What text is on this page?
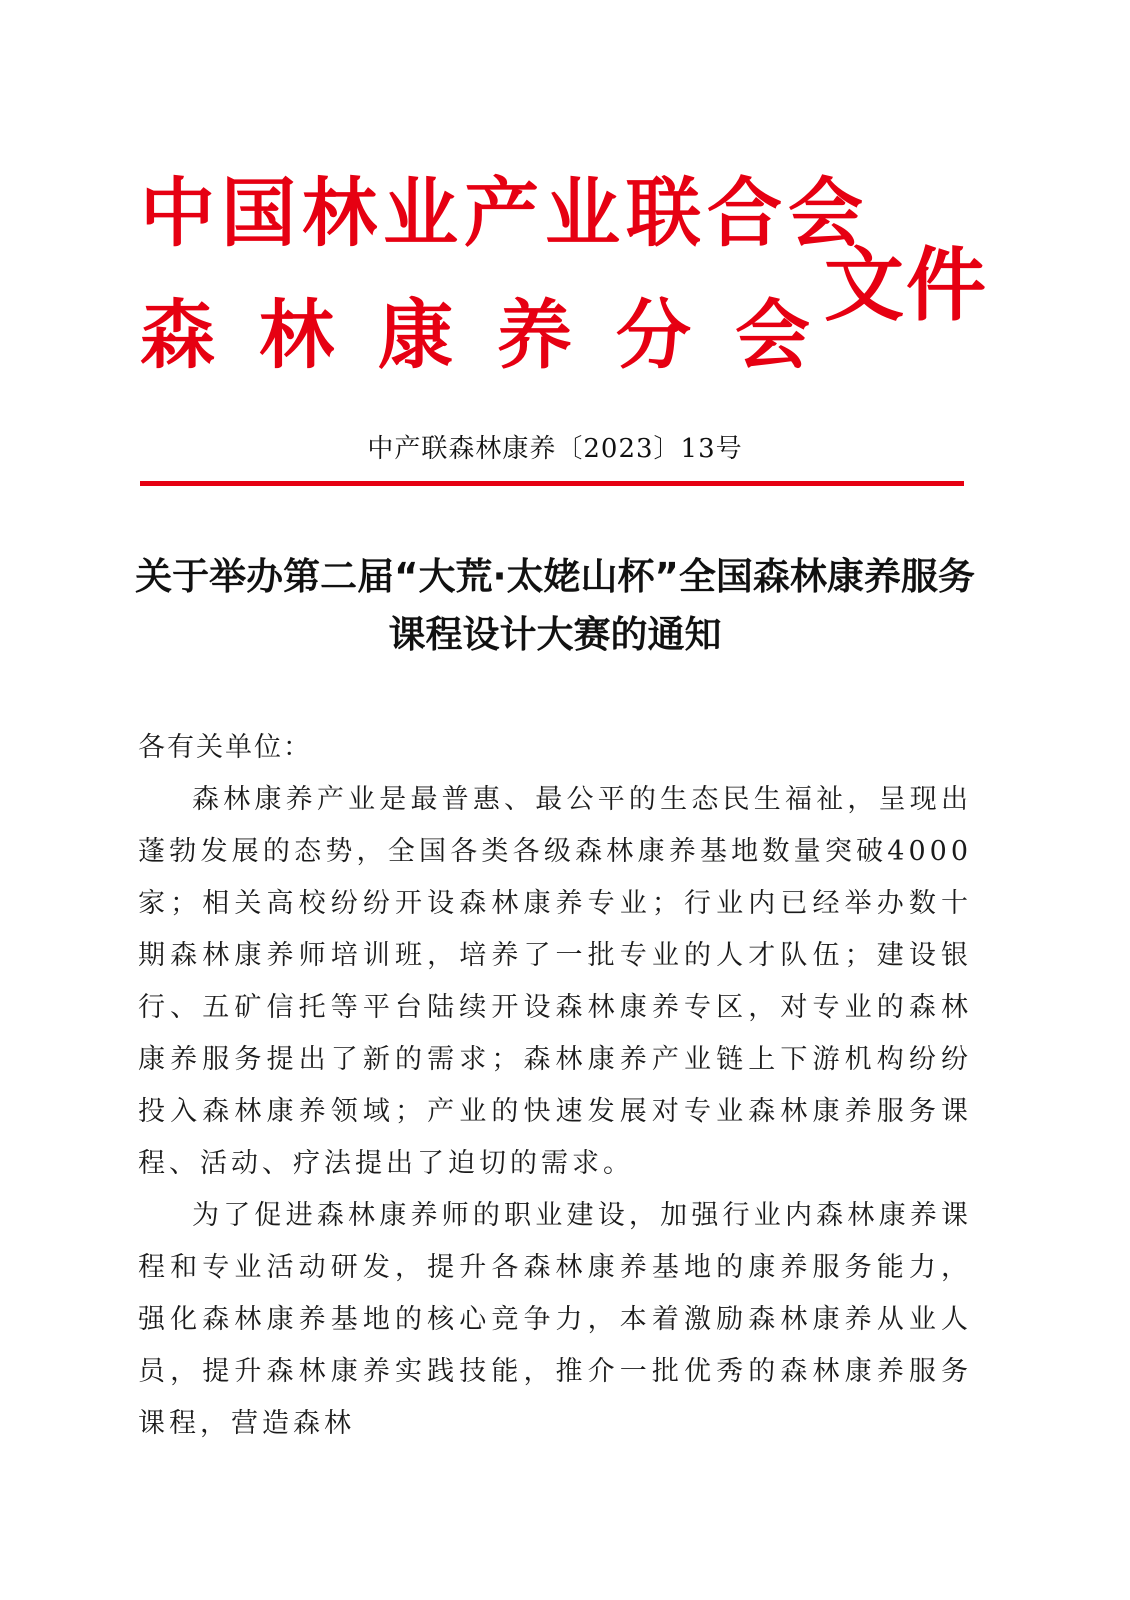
中国林业产业联合会
森林康养分会
文件
中产联森林康养〔2023〕13号
关于举办第二届“大荒·太姥山杯”全国森林康养服务课程设计大赛的通知
各有关单位：

森林康养产业是最普惠、最公平的生态民生福祉，呈现出蓬勃发展的态势，全国各类各级森林康养基地数量突破4000家；相关高校纷纷开设森林康养专业；行业内已经举办数十期森林康养师培训班，培养了一批专业的人才队伍；建设银行、五矿信托等平台陆续开设森林康养专区，对专业的森林康养服务提出了新的需求；森林康养产业链上下游机构纷纷投入森林康养领域；产业的快速发展对专业森林康养服务课程、活动、疗法提出了迫切的需求。

为了促进森林康养师的职业建设，加强行业内森林康养课程和专业活动研发，提升各森林康养基地的康养服务能力，强化森林康养基地的核心竞争力，本着激励森林康养从业人员，提升森林康养实践技能，推介一批优秀的森林康养服务课程，营造森林
